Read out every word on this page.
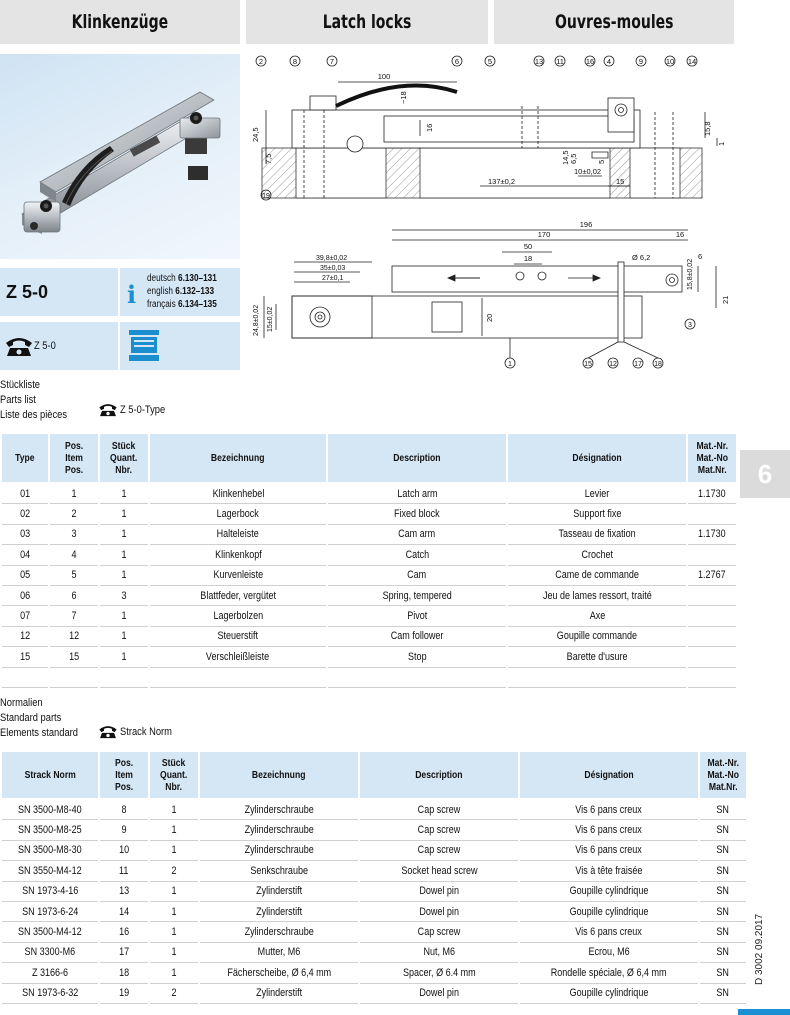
Klinkenzüge	Latch locks	Ouvres-moules
Z 5-0	i
deutsch 6.130–131
english 6.132–133
français 6.134–135
Z 5-0
2	8	7	6	5	13 11	16 4	9	10 14
100
~18
16
24,5
7,5
15,8
1
14,5 6,5	5
10±0,02
15
137±0,2
19
196
170
50
18
16
Ø 6,2	6
39,8±0,02
35±0,03
27±0,1	15,8±0,02
21
24,8±0,02 15±0,02	20
3
1	15 12 17 18
6
D 3002 09.2017
Stückliste
Parts list
Liste des pièces	Z 5-0-Type
Type	Pos.
Item
Pos.	Stück
Quant.
Nbr.	Bezeichnung	Description	Désignation	Mat.-Nr.
Mat.-No
Mat.Nr.
01	1	1	Klinkenhebel	Latch arm	Levier	1.1730
02	2	1	Lagerbock	Fixed block	Support fixe	
03	3	1	Halteleiste	Cam arm	Tasseau de fixation	1.1730
04	4	1	Klinkenkopf	Catch	Crochet	
05	5	1	Kurvenleiste	Cam	Came de commande	1.2767
06	6	3	Blattfeder, vergütet	Spring, tempered	Jeu de lames ressort, traité	
07	7	1	Lagerbolzen	Pivot	Axe	
12	12	1	Steuerstift	Cam follower	Goupille commande	
15	15	1	Verschleißleiste	Stop	Barette d'usure	

Normalien
Standard parts
Elements standard	Strack Norm
Strack Norm	Pos.
Item
Pos.	Stück
Quant.
Nbr.	Bezeichnung	Description	Désignation	Mat.-Nr.
Mat.-No
Mat.Nr.
SN 3500-M8-40	8	1	Zylinderschraube	Cap screw	Vis 6 pans creux	SN
SN 3500-M8-25	9	1	Zylinderschraube	Cap screw	Vis 6 pans creux	SN
SN 3500-M8-30	10	1	Zylinderschraube	Cap screw	Vis 6 pans creux	SN
SN 3550-M4-12	11	2	Senkschraube	Socket head screw	Vis à tête fraisée	SN
SN 1973-4-16	13	1	Zylinderstift	Dowel pin	Goupille cylindrique	SN
SN 1973-6-24	14	1	Zylinderstift	Dowel pin	Goupille cylindrique	SN
SN 3500-M4-12	16	1	Zylinderschraube	Cap screw	Vis 6 pans creux	SN
SN 3300-M6	17	1	Mutter, M6	Nut, M6	Ecrou, M6	SN
Z 3166-6	18	1	Fächerscheibe, Ø 6,4 mm	Spacer, Ø 6.4 mm	Rondelle spéciale, Ø 6,4 mm	SN
SN 1973-6-32	19	2	Zylinderstift	Dowel pin	Goupille cylindrique	SN
